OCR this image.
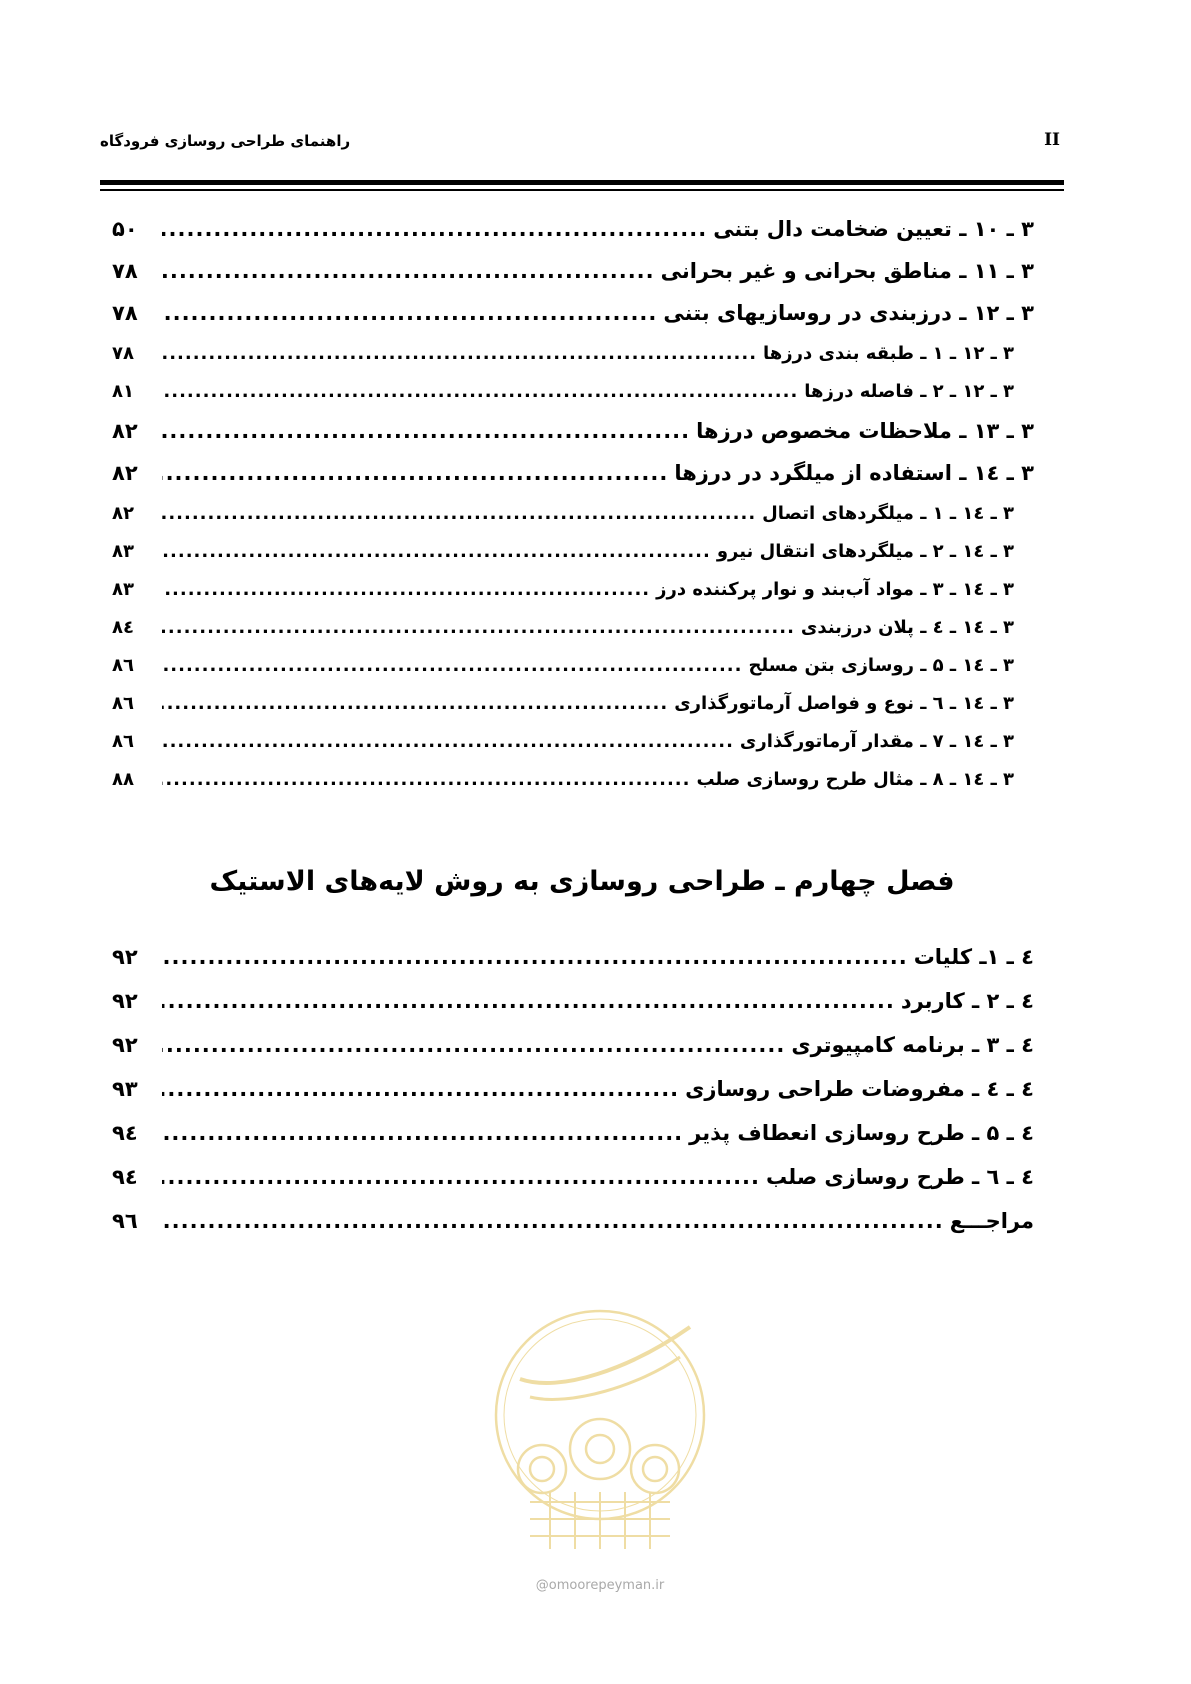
راهنمای طراحی روسازی فرودگاه	II
۳ ـ ۱۰ ـ تعیین ضخامت دال بتنی
.....
۵۰
۳ ـ ۱۱ ـ مناطق بحرانی و غیر بحرانی
.....
۷۸
۳ ـ ۱۲ ـ درزبندی در روسازیهای بتنی
.....
۷۸
۳ ـ ۱۲ ـ ۱ ـ طبقه بندی درزها
.....
۷۸
۳ ـ ۱۲ ـ ۲ ـ فاصله درزها
.....
۸۱
۳ ـ ۱۳ ـ ملاحظات مخصوص درزها
.....
۸۲
۳ ـ ١٤ ـ استفاده از میلگرد در درزها
.....
۸۲
۳ ـ ١٤ ـ ۱ ـ میلگردهای اتصال
.....
۸۲
۳ ـ ١٤ ـ ۲ ـ میلگردهای انتقال نیرو
.....
۸۳
۳ ـ ١٤ ـ ۳ ـ مواد آب‌بند و نوار پرکننده درز
.....
۸۳
۳ ـ ١٤ ـ ٤ ـ پلان درزبندی
.....
٨٤
۳ ـ ١٤ ـ ۵ ـ روسازی بتن مسلح
.....
٨٦
۳ ـ ١٤ ـ ٦ ـ نوع و فواصل آرماتورگذاری
.....
٨٦
۳ ـ ١٤ ـ ۷ ـ مقدار آرماتورگذاری
.....
٨٦
۳ ـ ١٤ ـ ۸ ـ مثال طرح روسازی صلب
.....
۸۸
فصل چهارم ـ طراحی روسازی به روش لایه‌های الاستیک
٤ ـ ۱ـ کلیات
.....
۹۲
٤ ـ ۲ ـ کاربرد
.....
۹۲
٤ ـ ۳ ـ برنامه کامپیوتری
.....
۹۲
٤ ـ ٤ ـ مفروضات طراحی روسازی
.....
۹۳
٤ ـ ۵ ـ طرح روسازی انعطاف پذیر
.....
٩٤
٤ ـ ٦ ـ طرح روسازی صلب
.....
٩٤
مراجـــع
.....
٩٦
@omoorepeyman.ir
